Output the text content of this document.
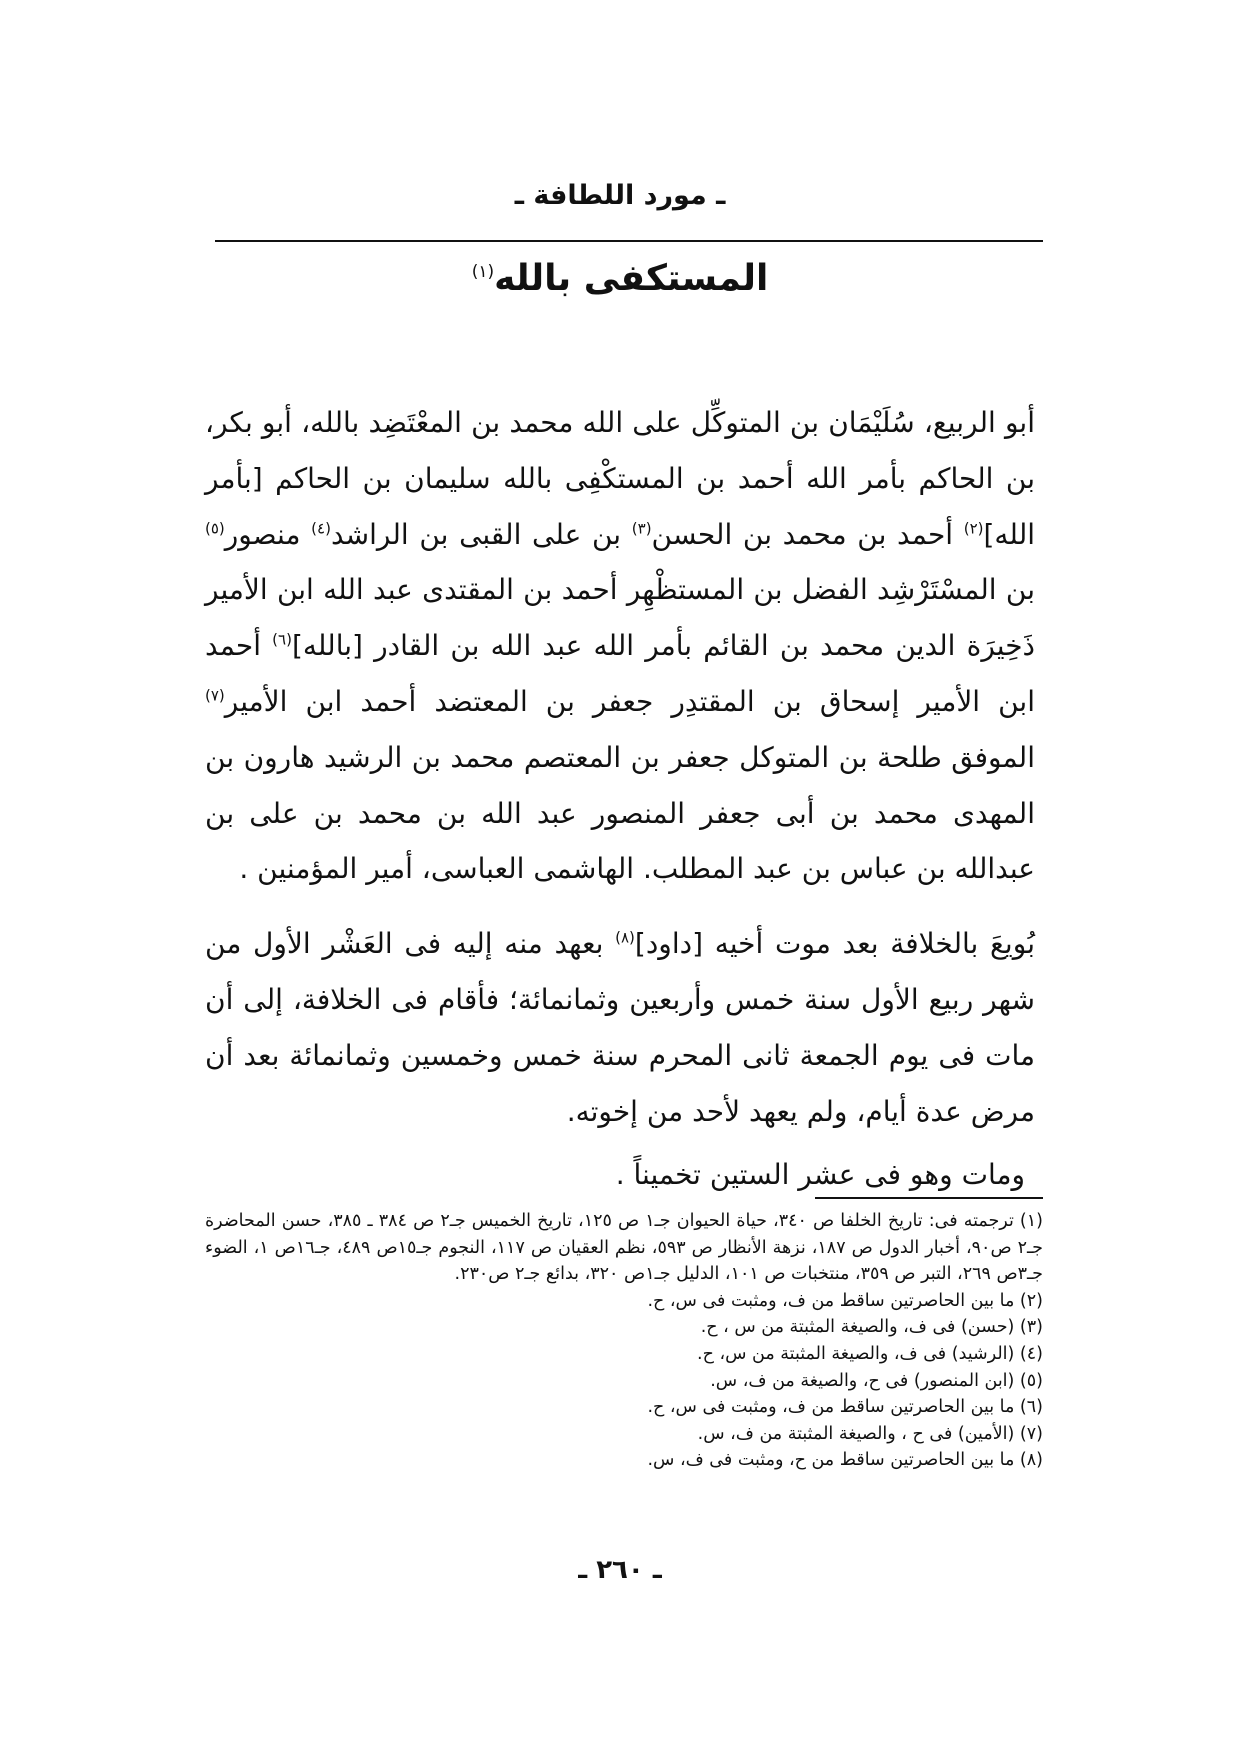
ـ مورد اللطافة ـ
المستكفى بالله$^{(١)}$

أبو الربيع، سُلَيْمَان بن المتوكِّل على الله محمد بن المعْتَضِد بالله، أبو بكر، بن الحاكم بأمر الله أحمد بن المستكْفِى بالله سليمان بن الحاكم [بأمر الله]$^{(٢)}$ أحمد بن محمد بن الحسن$^{(٣)}$ بن على القبى بن الراشد$^{(٤)}$ منصور$^{(٥)}$ بن المسْتَرْشِد الفضل بن المستظْهِر أحمد بن المقتدى عبد الله ابن الأمير ذَخِيرَة الدين محمد بن القائم بأمر الله عبد الله بن القادر [بالله]$^{(٦)}$ أحمد ابن الأمير إسحاق بن المقتدِر جعفر بن المعتضد أحمد ابن الأمير$^{(٧)}$ الموفق طلحة بن المتوكل جعفر بن المعتصم محمد بن الرشيد هارون بن المهدى محمد بن أبى جعفر المنصور عبد الله بن محمد بن على بن عبدالله بن عباس بن عبد المطلب. الهاشمى العباسى، أمير المؤمنين .

بُويعَ بالخلافة بعد موت أخيه [داود]$^{(٨)}$ بعهد منه إليه فى العَشْر الأول من شهر ربيع الأول سنة خمس وأربعين وثمانمائة؛ فأقام فى الخلافة، إلى أن مات فى يوم الجمعة ثانى المحرم سنة خمس وخمسين وثمانمائة بعد أن مرض عدة أيام، ولم يعهد لأحد من إخوته.

ومات وهو فى عشر الستين تخميناً .

(١) ترجمته فى: تاريخ الخلفا ص ٣٤٠، حياة الحيوان جـ١ ص ١٢٥، تاريخ الخميس جـ٢ ص ٣٨٤ ـ ٣٨٥، حسن المحاضرة جـ٢ ص٩٠، أخبار الدول ص ١٨٧، نزهة الأنظار ص ٥٩٣، نظم العقيان ص ١١٧، النجوم جـ١٥ص ٤٨٩، جـ١٦ص ١، الضوء جـ٣ص ٢٦٩، التبر ص ٣٥٩، منتخبات ص ١٠١، الدليل جـ١ص ٣٢٠، بدائع جـ٢ ص٢٣٠.

(٢) ما بين الحاصرتين ساقط من ف، ومثبت فى س، ح.

(٣) (حسن) فى ف، والصيغة المثبتة من س ، ح.

(٤) (الرشيد) فى ف، والصيغة المثبتة من س، ح.

(٥) (ابن المنصور) فى ح، والصيغة من ف، س.

(٦) ما بين الحاصرتين ساقط من ف، ومثبت فى س، ح.

(٧) (الأمين) فى ح ، والصيغة المثبتة من ف، س.

(٨) ما بين الحاصرتين ساقط من ح، ومثبت فى ف، س.

ـ ٢٦٠ ـ
